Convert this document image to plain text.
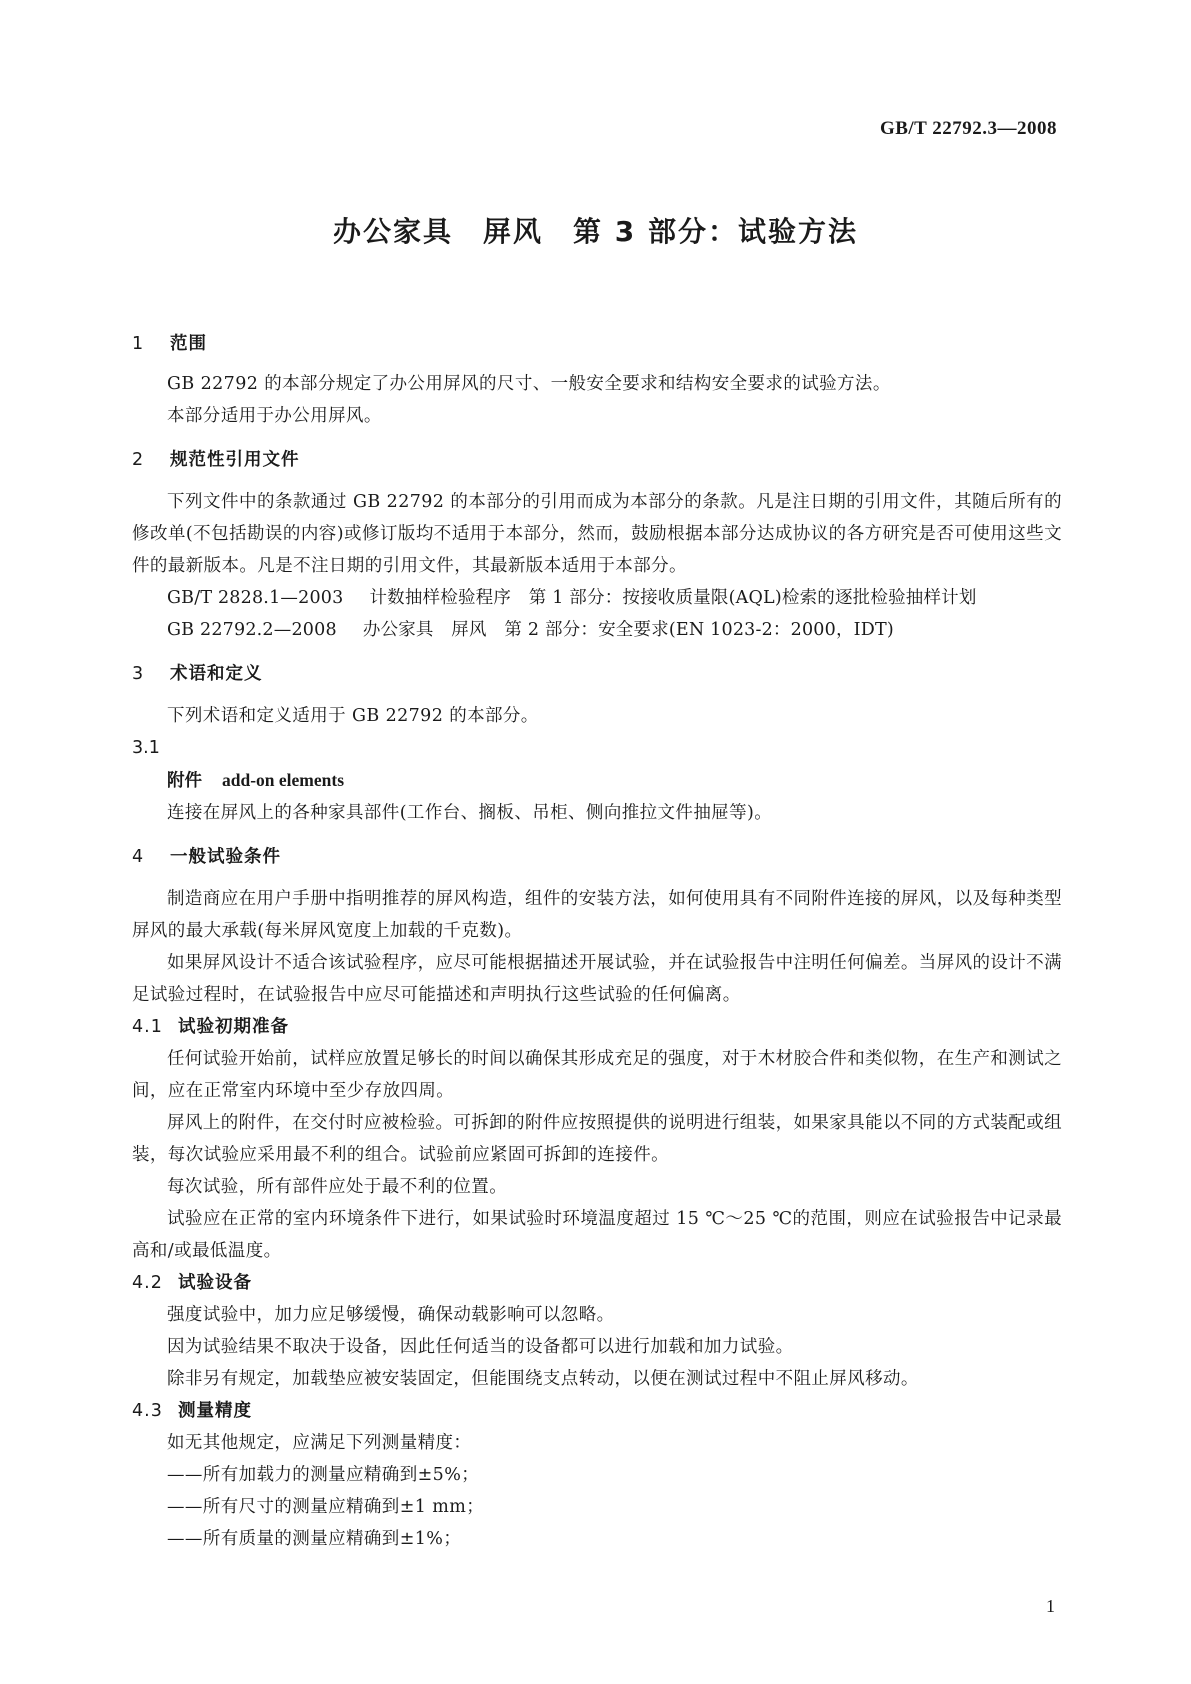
GB/T 22792.3—2008
办公家具　屏风　第 3 部分：试验方法
1 范围

GB 22792 的本部分规定了办公用屏风的尺寸、一般安全要求和结构安全要求的试验方法。

本部分适用于办公用屏风。

2 规范性引用文件

下列文件中的条款通过 GB 22792 的本部分的引用而成为本部分的条款。凡是注日期的引用文件，其随后所有的修改单(不包括勘误的内容)或修订版均不适用于本部分，然而，鼓励根据本部分达成协议的各方研究是否可使用这些文件的最新版本。凡是不注日期的引用文件，其最新版本适用于本部分。

GB/T 2828.1—2003 计数抽样检验程序　第 1 部分：按接收质量限(AQL)检索的逐批检验抽样计划

GB 22792.2—2008 办公家具　屏风　第 2 部分：安全要求(EN 1023-2：2000，IDT)

3 术语和定义

下列术语和定义适用于 GB 22792 的本部分。

3.1
附件 add-on elements

连接在屏风上的各种家具部件(工作台、搁板、吊柜、侧向推拉文件抽屉等)。

4 一般试验条件

制造商应在用户手册中指明推荐的屏风构造，组件的安装方法，如何使用具有不同附件连接的屏风，以及每种类型屏风的最大承载(每米屏风宽度上加载的千克数)。

如果屏风设计不适合该试验程序，应尽可能根据描述开展试验，并在试验报告中注明任何偏差。当屏风的设计不满足试验过程时，在试验报告中应尽可能描述和声明执行这些试验的任何偏离。

4.1 试验初期准备

任何试验开始前，试样应放置足够长的时间以确保其形成充足的强度，对于木材胶合件和类似物，在生产和测试之间，应在正常室内环境中至少存放四周。

屏风上的附件，在交付时应被检验。可拆卸的附件应按照提供的说明进行组装，如果家具能以不同的方式装配或组装，每次试验应采用最不利的组合。试验前应紧固可拆卸的连接件。

每次试验，所有部件应处于最不利的位置。

试验应在正常的室内环境条件下进行，如果试验时环境温度超过 15 ℃～25 ℃的范围，则应在试验报告中记录最高和/或最低温度。

4.2 试验设备

强度试验中，加力应足够缓慢，确保动载影响可以忽略。

因为试验结果不取决于设备，因此任何适当的设备都可以进行加载和加力试验。

除非另有规定，加载垫应被安装固定，但能围绕支点转动，以便在测试过程中不阻止屏风移动。

4.3 测量精度

如无其他规定，应满足下列测量精度：

——所有加载力的测量应精确到±5%；
——所有尺寸的测量应精确到±1 mm；
——所有质量的测量应精确到±1%；
1
